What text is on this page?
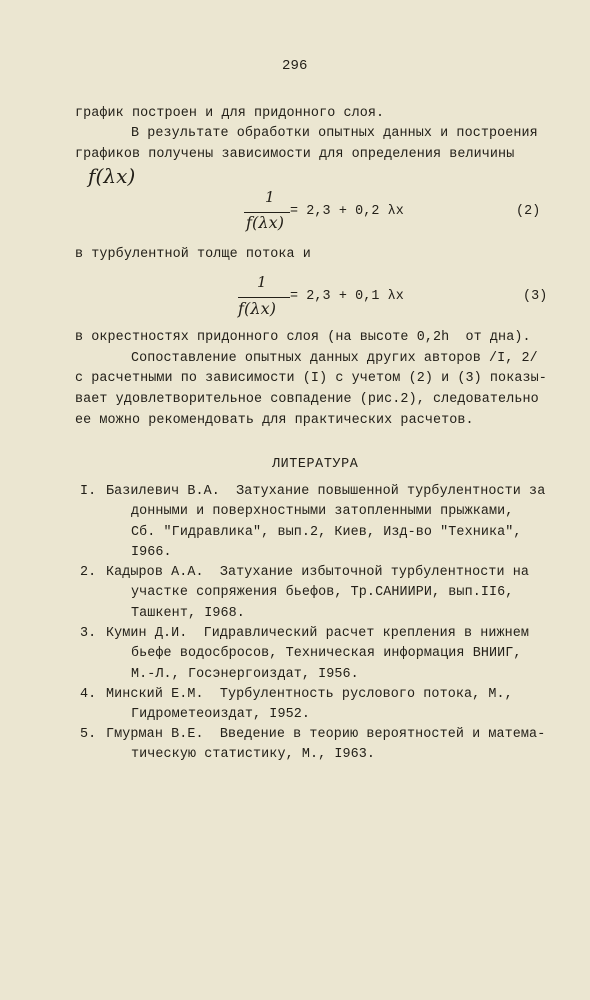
296
график построен и для придонного слоя.
В результате обработки опытных данных и построения
графиков получены зависимости для определения величины
f(λx)
1
f(λx)
= 2,3 + 0,2 λx	(2)
в турбулентной толще потока и
1
f(λx)
= 2,3 + 0,1 λx	(3)
в окрестностях придонного слоя (на высоте 0,2h  от дна).
Сопоставление опытных данных других авторов /I, 2/
с расчетными по зависимости (I) с учетом (2) и (3) показы-
вает удовлетворительное совпадение (рис.2), следовательно
ее можно рекомендовать для практических расчетов.
ЛИТЕРАТУРА
I. Базилевич В.А.  Затухание повышенной турбулентности за
донными и поверхностными затопленными прыжками,
Сб. "Гидравлика", вып.2, Киев, Изд-во "Техника",
I966.
2. Кадыров А.А.  Затухание избыточной турбулентности на
участке сопряжения бьефов, Тр.САНИИРИ, вып.II6,
Ташкент, I968.
3. Кумин Д.И.  Гидравлический расчет крепления в нижнем
бьефе водосбросов, Техническая информация ВНИИГ,
М.-Л., Госэнергоиздат, I956.
4. Минский Е.М.  Турбулентность руслового потока, М.,
Гидрометеоиздат, I952.
5. Гмурман В.Е.  Введение в теорию вероятностей и матема-
тическую статистику, М., I963.
